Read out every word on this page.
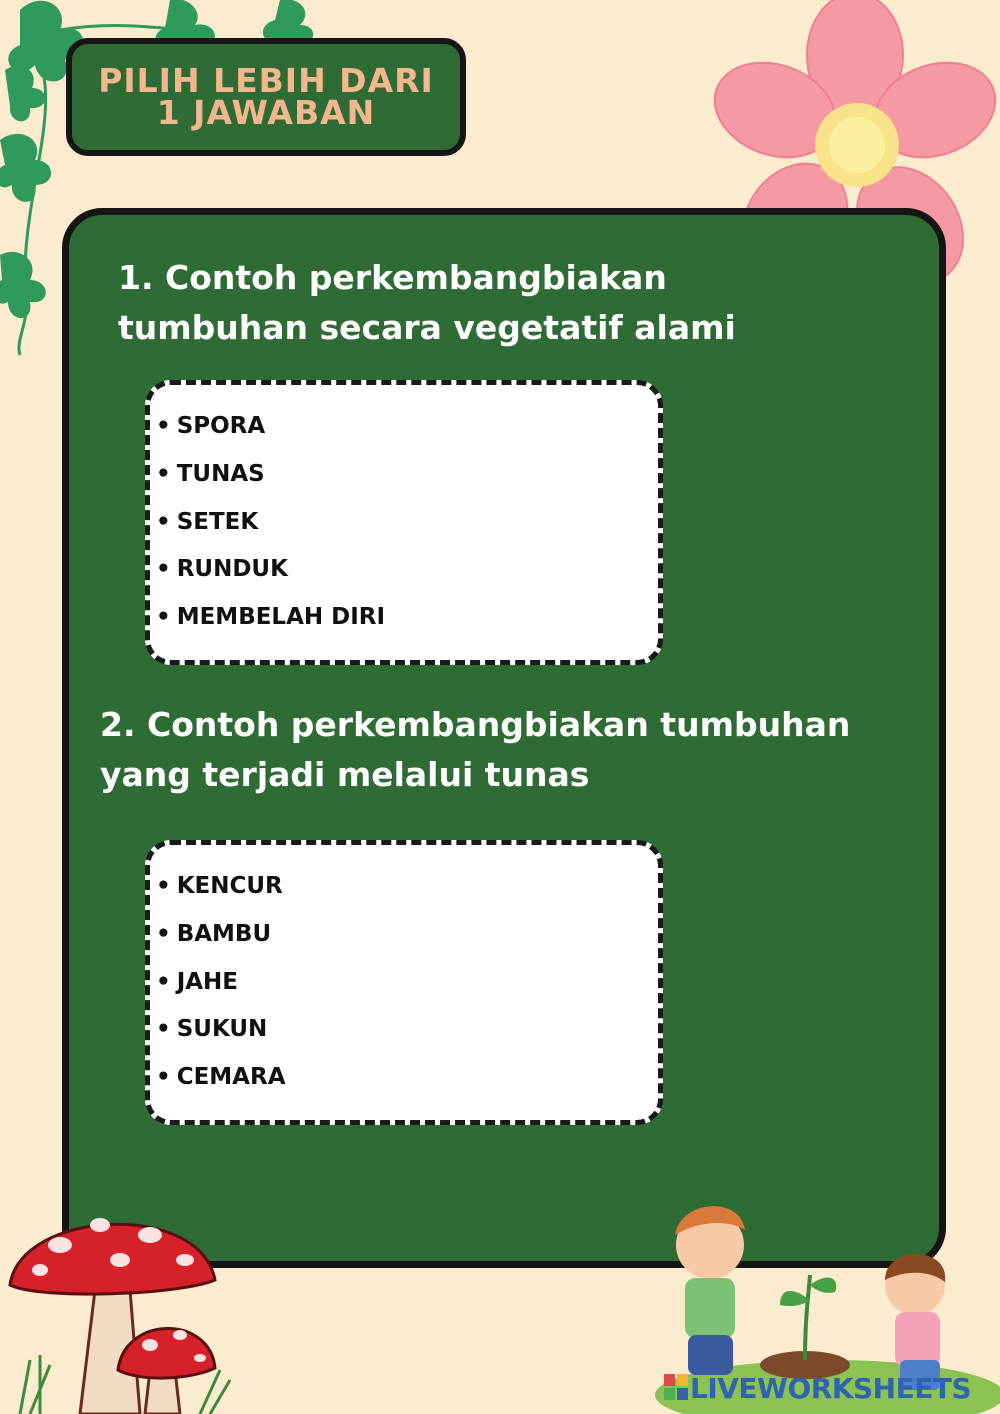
PILIH LEBIH DARI 1 JAWABAN
1. Contoh perkembangbiakan tumbuhan secara vegetatif alami
• SPORA
• TUNAS
• SETEK
• RUNDUK
• MEMBELAH DIRI
2. Contoh perkembangbiakan tumbuhan yang terjadi melalui tunas
• KENCUR
• BAMBU
• JAHE
• SUKUN
• CEMARA
LIVEWORKSHEETS
